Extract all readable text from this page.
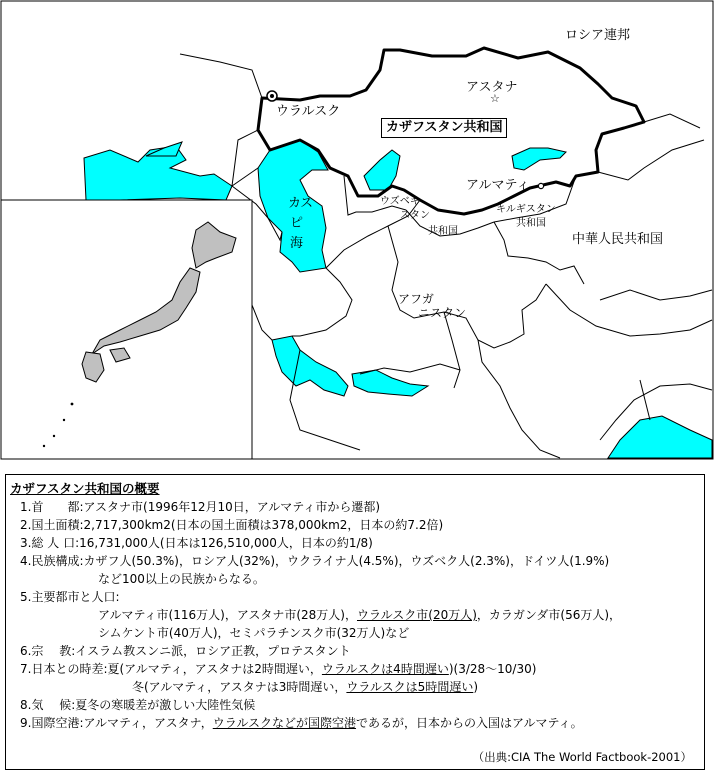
☆
ロシア連邦
アスタナ
ウラルスク
カザフスタン共和国
カ
ス
ピ
海
ウズベキ
スタン
共和国
アルマティ
キルギスタン
共和国
中華人民共和国
アフガ
ニスタン
カザフスタン共和国の概要
1.首　　都:アスタナ市(1996年12月10日，アルマティ市から遷都)
2.国土面積:2,717,300km2(日本の国土面積は378,000km2，日本の約7.2倍)
3.総 人 口:16,731,000人(日本は126,510,000人，日本の約1/8)
4.民族構成:カザフ人(50.3%)，ロシア人(32%)，ウクライナ人(4.5%)，ウズベク人(2.3%)，ドイツ人(1.9%)
など100以上の民族からなる。
5.主要都市と人口:
アルマティ市(116万人)，アスタナ市(28万人)，ウラルスク市(20万人)，カラガンダ市(56万人)，
シムケント市(40万人)，セミパラチンスク市(32万人)など
6.宗　 教:イスラム教スンニ派，ロシア正教，プロテスタント
7.日本との時差:夏(アルマティ，アスタナは2時間遅い，ウラルスクは4時間遅い)(3/28〜10/30)
冬(アルマティ，アスタナは3時間遅い，ウラルスクは5時間遅い)
8.気　 候:夏冬の寒暖差が激しい大陸性気候
9.国際空港:アルマティ，アスタナ，ウラルスクなどが国際空港であるが，日本からの入国はアルマティ。
（出典:CIA The World Factbook-2001）
